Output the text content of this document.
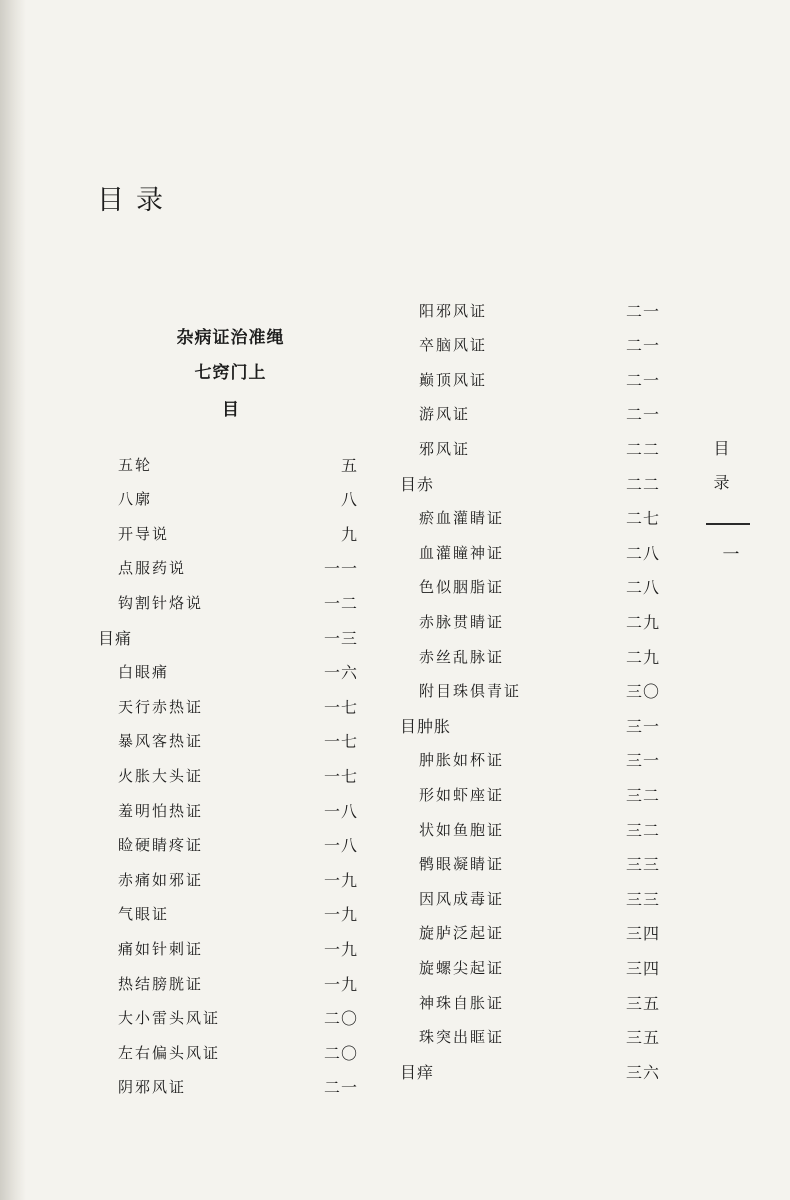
目录
杂病证治准绳
七窍门上
目
五轮	五
八廓	八
开导说	九
点服药说	一一
钩割针烙说	一二
目痛	一三
白眼痛	一六
天行赤热证	一七
暴风客热证	一七
火胀大头证	一七
羞明怕热证	一八
睑硬睛疼证	一八
赤痛如邪证	一九
气眼证	一九
痛如针刺证	一九
热结膀胱证	一九
大小雷头风证	二〇
左右偏头风证	二〇
阴邪风证	二一
阳邪风证	二一
卒脑风证	二一
巅顶风证	二一
游风证	二一
邪风证	二二
目赤	二二
瘀血灌睛证	二七
血灌瞳神证	二八
色似胭脂证	二八
赤脉贯睛证	二九
赤丝乱脉证	二九
附目珠俱青证	三〇
目肿胀	三一
肿胀如杯证	三一
形如虾座证	三二
状如鱼胞证	三二
鹘眼凝睛证	三三
因风成毒证	三三
旋胪泛起证	三四
旋螺尖起证	三四
神珠自胀证	三五
珠突出眶证	三五
目痒	三六
目录
一
